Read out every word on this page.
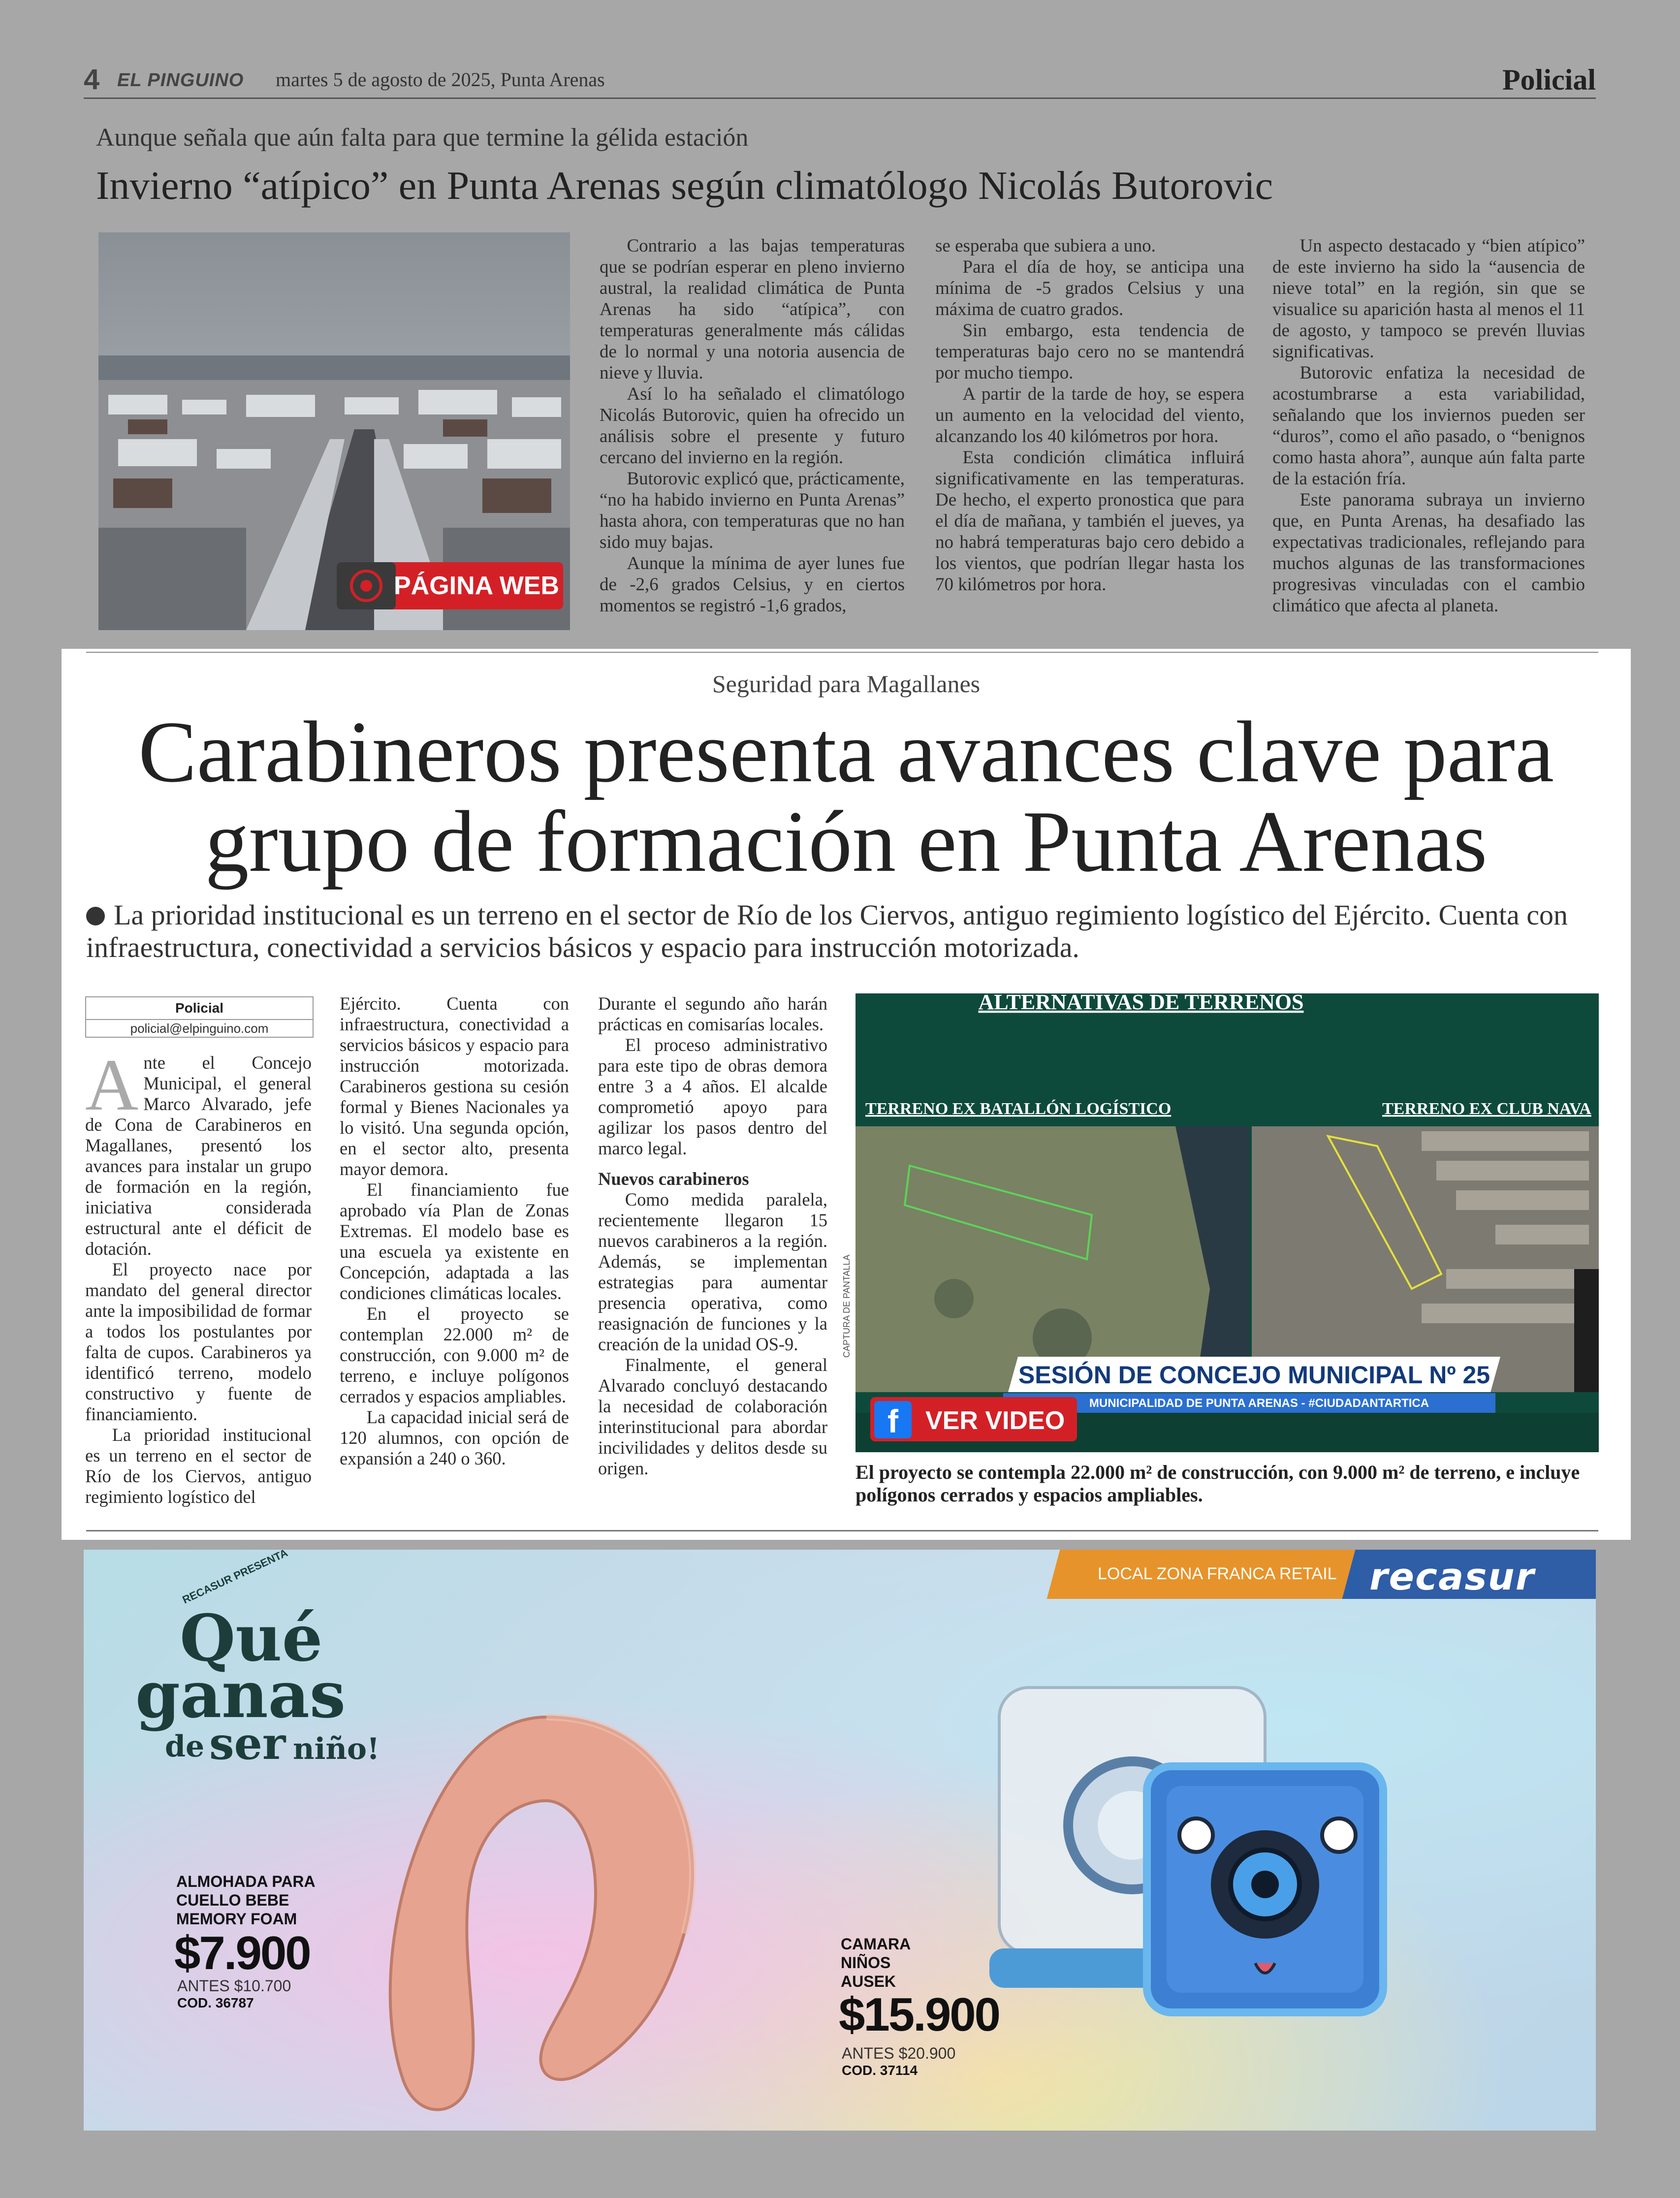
4 EL PINGUINO martes 5 de agosto de 2025, Punta Arenas	Policial
Aunque señala que aún falta para que termine la gélida estación
Invierno “atípico” en Punta Arenas según climatólogo Nicolás Butorovic
PÁGINA WEB

Contrario a las bajas temperaturas que se podrían esperar en pleno invierno austral, la realidad climática de Punta Arenas ha sido “atípica”, con temperaturas generalmente más cálidas de lo normal y una notoria ausencia de nieve y lluvia.

Así lo ha señalado el climatólogo Nicolás Butorovic, quien ha ofrecido un análisis sobre el presente y futuro cercano del invierno en la región.

Butorovic explicó que, prácticamente, “no ha habido invierno en Punta Arenas” hasta ahora, con temperaturas que no han sido muy bajas.

Aunque la mínima de ayer lunes fue de -2,6 grados Celsius, y en ciertos momentos se registró -1,6 grados,

se esperaba que subiera a uno.

Para el día de hoy, se anticipa una mínima de -5 grados Celsius y una máxima de cuatro grados.

Sin embargo, esta tendencia de temperaturas bajo cero no se mantendrá por mucho tiempo.

A partir de la tarde de hoy, se espera un aumento en la velocidad del viento, alcanzando los 40 kilómetros por hora.

Esta condición climática influirá significativamente en las temperaturas. De hecho, el experto pronostica que para el día de mañana, y también el jueves, ya no habrá temperaturas bajo cero debido a los vientos, que podrían llegar hasta los 70 kilómetros por hora.

Un aspecto destacado y “bien atípico” de este invierno ha sido la “ausencia de nieve total” en la región, sin que se visualice su aparición hasta al menos el 11 de agosto, y tampoco se prevén lluvias significativas.

Butorovic enfatiza la necesidad de acostumbrarse a esta variabilidad, señalando que los inviernos pueden ser “duros”, como el año pasado, o “benignos como hasta ahora”, aunque aún falta parte de la estación fría.

Este panorama subraya un invierno que, en Punta Arenas, ha desafiado las expectativas tradicionales, reflejando para muchos algunas de las transformaciones progresivas vinculadas con el cambio climático que afecta al planeta.

Seguridad para Magallanes
Carabineros presenta avances clave para
grupo de formación en Punta Arenas
La prioridad institucional es un terreno en el sector de Río de los Ciervos, antiguo regimiento logístico del Ejército. Cuenta con infraestructura, conectividad a servicios básicos y espacio para instrucción motorizada.
Policial
policial@elpinguino.com

Ante el Concejo Municipal, el general Marco Alvarado, jefe de Cona de Carabineros en Magallanes, presentó los avances para instalar un grupo de formación en la región, iniciativa considerada estructural ante el déficit de dotación.

El proyecto nace por mandato del general director ante la imposibilidad de formar a todos los postulantes por falta de cupos. Carabineros ya identificó terreno, modelo constructivo y fuente de financiamiento.

La prioridad institucional es un terreno en el sector de Río de los Ciervos, antiguo regimiento logístico del

Ejército. Cuenta con infraestructura, conectividad a servicios básicos y espacio para instrucción motorizada. Carabineros gestiona su cesión formal y Bienes Nacionales ya lo visitó. Una segunda opción, en el sector alto, presenta mayor demora.

El financiamiento fue aprobado vía Plan de Zonas Extremas. El modelo base es una escuela ya existente en Concepción, adaptada a las condiciones climáticas locales.

En el proyecto se contemplan 22.000 m² de construcción, con 9.000 m² de terreno, e incluye polígonos cerrados y espacios ampliables.

La capacidad inicial será de 120 alumnos, con opción de expansión a 240 o 360.

Durante el segundo año harán prácticas en comisarías locales.

El proceso administrativo para este tipo de obras demora entre 3 a 4 años. El alcalde comprometió apoyo para agilizar los pasos dentro del marco legal.

Nuevos carabineros

Como medida paralela, recientemente llegaron 15 nuevos carabineros a la región. Además, se implementan estrategias para aumentar presencia operativa, como reasignación de funciones y la creación de la unidad OS-9.

Finalmente, el general Alvarado concluyó destacando la necesidad de colaboración interinstitucional para abordar incivilidades y delitos desde su origen.

ALTERNATIVAS DE TERRENOS
TERRENO EX BATALLÓN LOGÍSTICO	TERRENO EX CLUB NAVA
SESIÓN DE CONCEJO MUNICIPAL Nº 25
MUNICIPALIDAD DE PUNTA ARENAS - #CIUDADANTARTICA
f VER VIDEO
CAPTURA DE PANTALLA
El proyecto se contempla 22.000 m² de construcción, con 9.000 m² de terreno, e incluye polígonos cerrados y espacios ampliables.
LOCAL ZONA FRANCA RETAIL recasur
RECASUR PRESENTA
Qué
ganas
de ser niño!
ALMOHADA PARA
CUELLO BEBE
MEMORY FOAM
$7.900
ANTES $10.700
COD. 36787
CAMARA
NIÑOS
AUSEK
$15.900
ANTES $20.900
COD. 37114
